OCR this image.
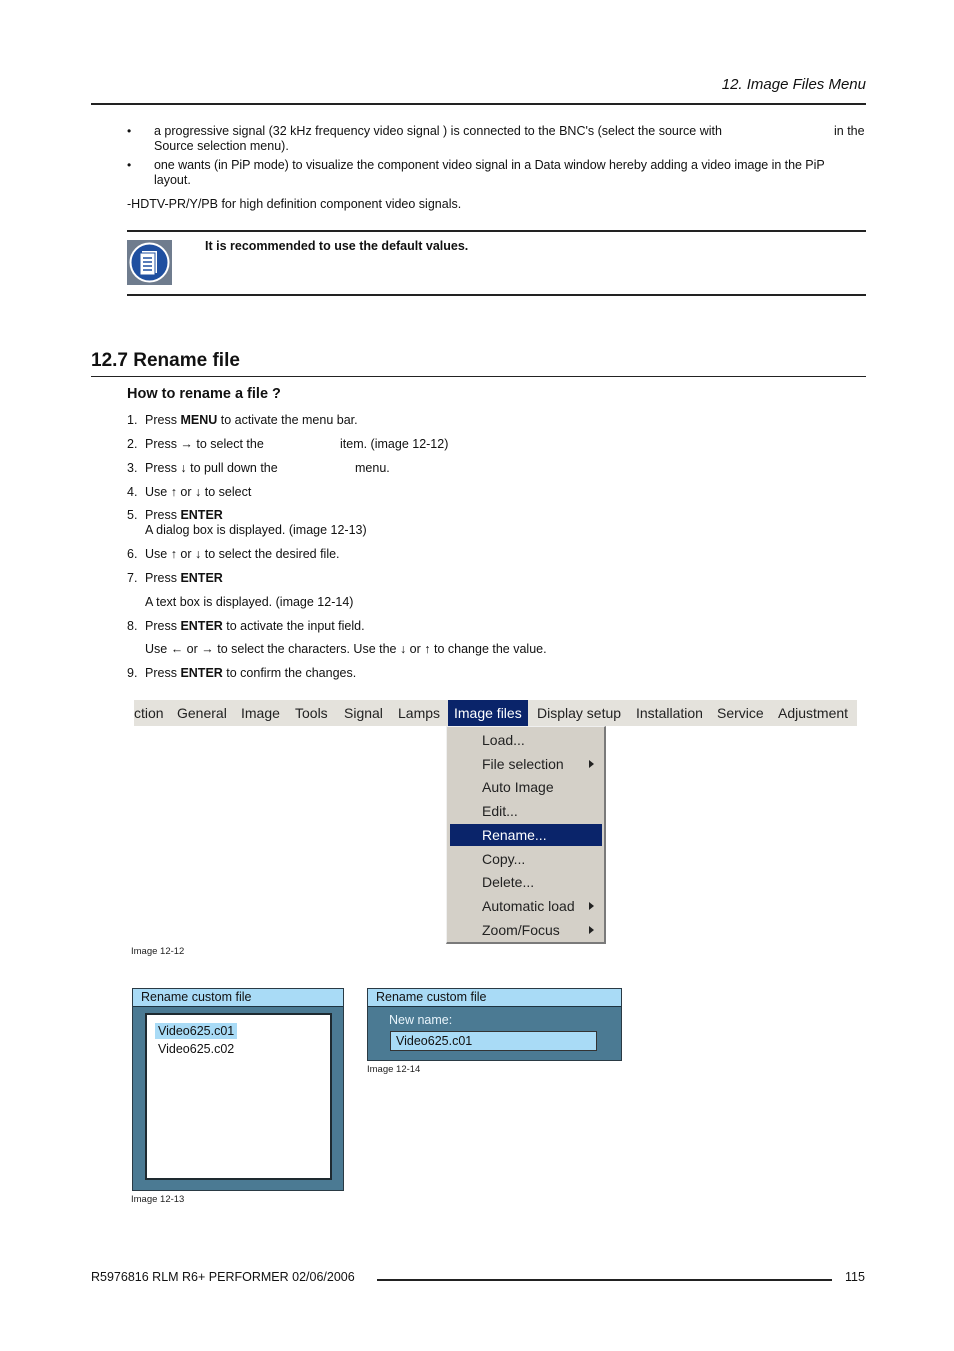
12. Image Files Menu
• a progressive signal (32 kHz frequency video signal ) is connected to the BNC's (select the source with	in the
Source selection menu).
• one wants (in PiP mode) to visualize the component video signal in a Data window hereby adding a video image in the PiP
layout.
-HDTV-PR/Y/PB for high definition component video signals.
It is recommended to use the default values.
12.7 Rename file
How to rename a file ?
1. Press MENU to activate the menu bar.
2. Press → to select the	item. (image 12-12)
3. Press ↓ to pull down the	menu.
4. Use ↑ or ↓ to select
5. Press ENTER
A dialog box is displayed. (image 12-13)
6. Use ↑ or ↓ to select the desired file.
7. Press ENTER
A text box is displayed. (image 12-14)
8. Press ENTER to activate the input field.
Use ← or → to select the characters. Use the ↓ or ↑ to change the value.
9. Press ENTER to confirm the changes.
ction General Image Tools Signal Lamps Image files	Display setup Installation Service Adjustment
Load...
File selection
Auto Image
Edit...
Rename...
Copy...
Delete...
Automatic load
Zoom/Focus
Image 12-12
Rename custom file
Video625.c01
Video625.c02
Image 12-13
Rename custom file
New name:
Video625.c01
Image 12-14
R5976816 RLM R6+ PERFORMER 02/06/2006	115
